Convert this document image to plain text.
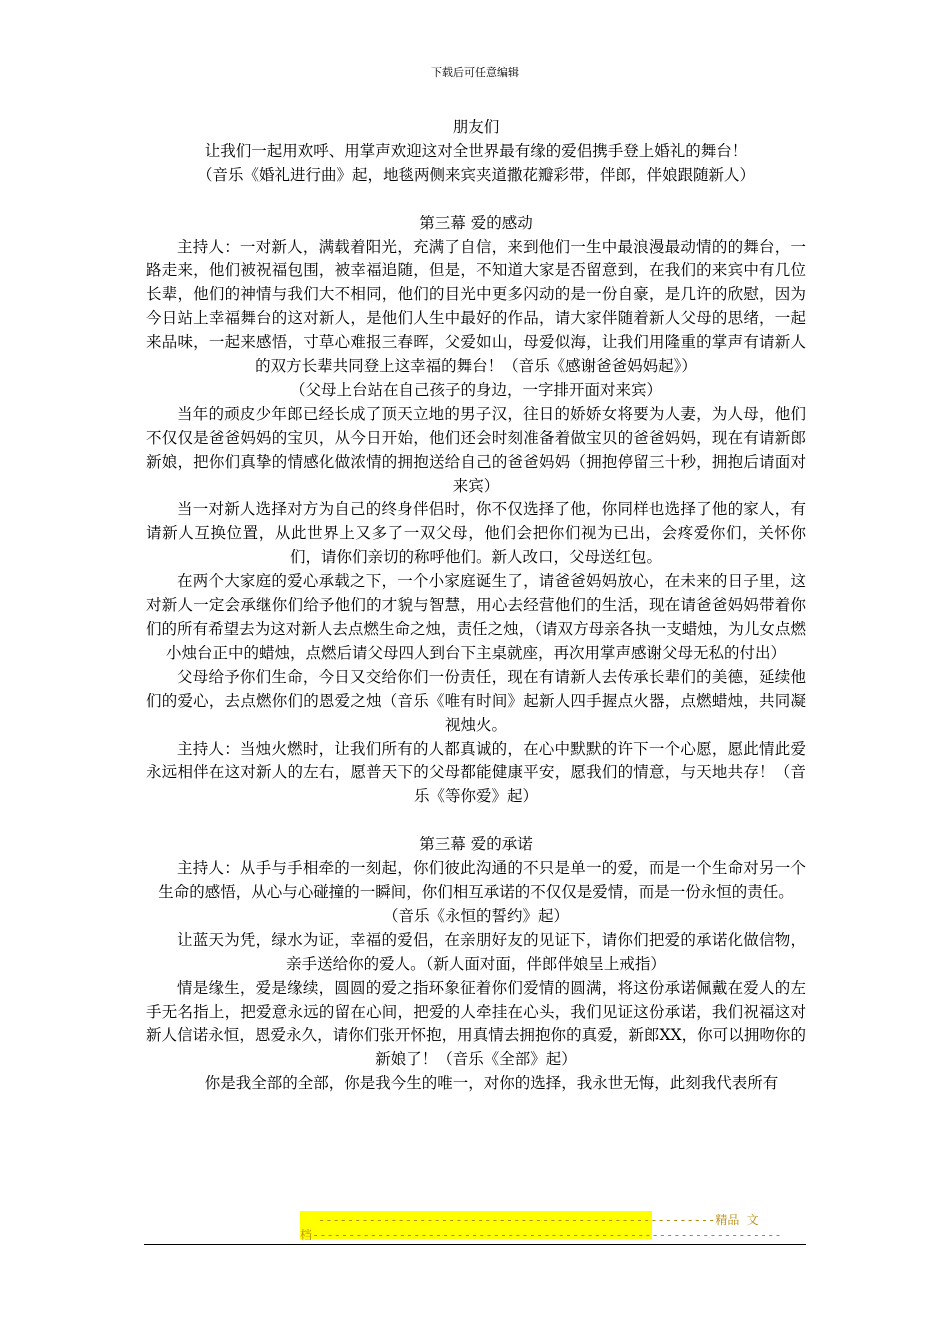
下载后可任意编辑

朋友们

让我们一起用欢呼、用掌声欢迎这对全世界最有缘的爱侣携手登上婚礼的舞台！

（音乐《婚礼进行曲》起，地毯两侧来宾夹道撒花瓣彩带，伴郎，伴娘跟随新人）

第三幕 爱的感动

主持人：一对新人，满载着阳光，充满了自信，来到他们一生中最浪漫最动情的的舞台，一路走来，他们被祝福包围，被幸福追随，但是，不知道大家是否留意到，在我们的来宾中有几位长辈，他们的神情与我们大不相同，他们的目光中更多闪动的是一份自豪，是几许的欣慰，因为今日站上幸福舞台的这对新人，是他们人生中最好的作品，请大家伴随着新人父母的思绪，一起来品味，一起来感悟，寸草心难报三春晖，父爱如山，母爱似海，让我们用隆重的掌声有请新人的双方长辈共同登上这幸福的舞台！（音乐《感谢爸爸妈妈起》）

（父母上台站在自己孩子的身边，一字排开面对来宾）

当年的顽皮少年郎已经长成了顶天立地的男子汉，往日的娇娇女将要为人妻，为人母，他们不仅仅是爸爸妈妈的宝贝，从今日开始，他们还会时刻准备着做宝贝的爸爸妈妈，现在有请新郎新娘，把你们真挚的情感化做浓情的拥抱送给自己的爸爸妈妈（拥抱停留三十秒，拥抱后请面对来宾）

当一对新人选择对方为自己的终身伴侣时，你不仅选择了他，你同样也选择了他的家人，有请新人互换位置，从此世界上又多了一双父母，他们会把你们视为已出，会疼爱你们，关怀你们，请你们亲切的称呼他们。新人改口，父母送红包。

在两个大家庭的爱心承载之下，一个小家庭诞生了，请爸爸妈妈放心，在未来的日子里，这对新人一定会承继你们给予他们的才貌与智慧，用心去经营他们的生活，现在请爸爸妈妈带着你们的所有希望去为这对新人去点燃生命之烛，责任之烛，（请双方母亲各执一支蜡烛，为儿女点燃小烛台正中的蜡烛，点燃后请父母四人到台下主桌就座，再次用掌声感谢父母无私的付出）

父母给予你们生命，今日又交给你们一份责任，现在有请新人去传承长辈们的美德，延续他们的爱心，去点燃你们的恩爱之烛（音乐《唯有时间》起新人四手握点火器，点燃蜡烛，共同凝视烛火。

主持人：当烛火燃时，让我们所有的人都真诚的，在心中默默的许下一个心愿，愿此情此爱永远相伴在这对新人的左右，愿普天下的父母都能健康平安，愿我们的情意，与天地共存！（音乐《等你爱》起）

第三幕 爱的承诺

主持人：从手与手相牵的一刻起，你们彼此沟通的不只是单一的爱，而是一个生命对另一个生命的感悟，从心与心碰撞的一瞬间，你们相互承诺的不仅仅是爱情，而是一份永恒的责任。

（音乐《永恒的誓约》起）

让蓝天为凭，绿水为证，幸福的爱侣，在亲朋好友的见证下，请你们把爱的承诺化做信物，亲手送给你的爱人。（新人面对面，伴郎伴娘呈上戒指）

情是缘生，爱是缘续，圆圆的爱之指环象征着你们爱情的圆满，将这份承诺佩戴在爱人的左手无名指上，把爱意永远的留在心间，把爱的人牵挂在心头，我们见证这份承诺，我们祝福这对新人信诺永恒，恩爱永久，请你们张开怀抱，用真情去拥抱你的真爱，新郎XX，你可以拥吻你的新娘了！（音乐《全部》起）

你是我全部的全部，你是我今生的唯一，对你的选择，我永世无悔，此刻我代表所有

-------------------------------------------------------精品 文
档-----------------------------------------------------------------
